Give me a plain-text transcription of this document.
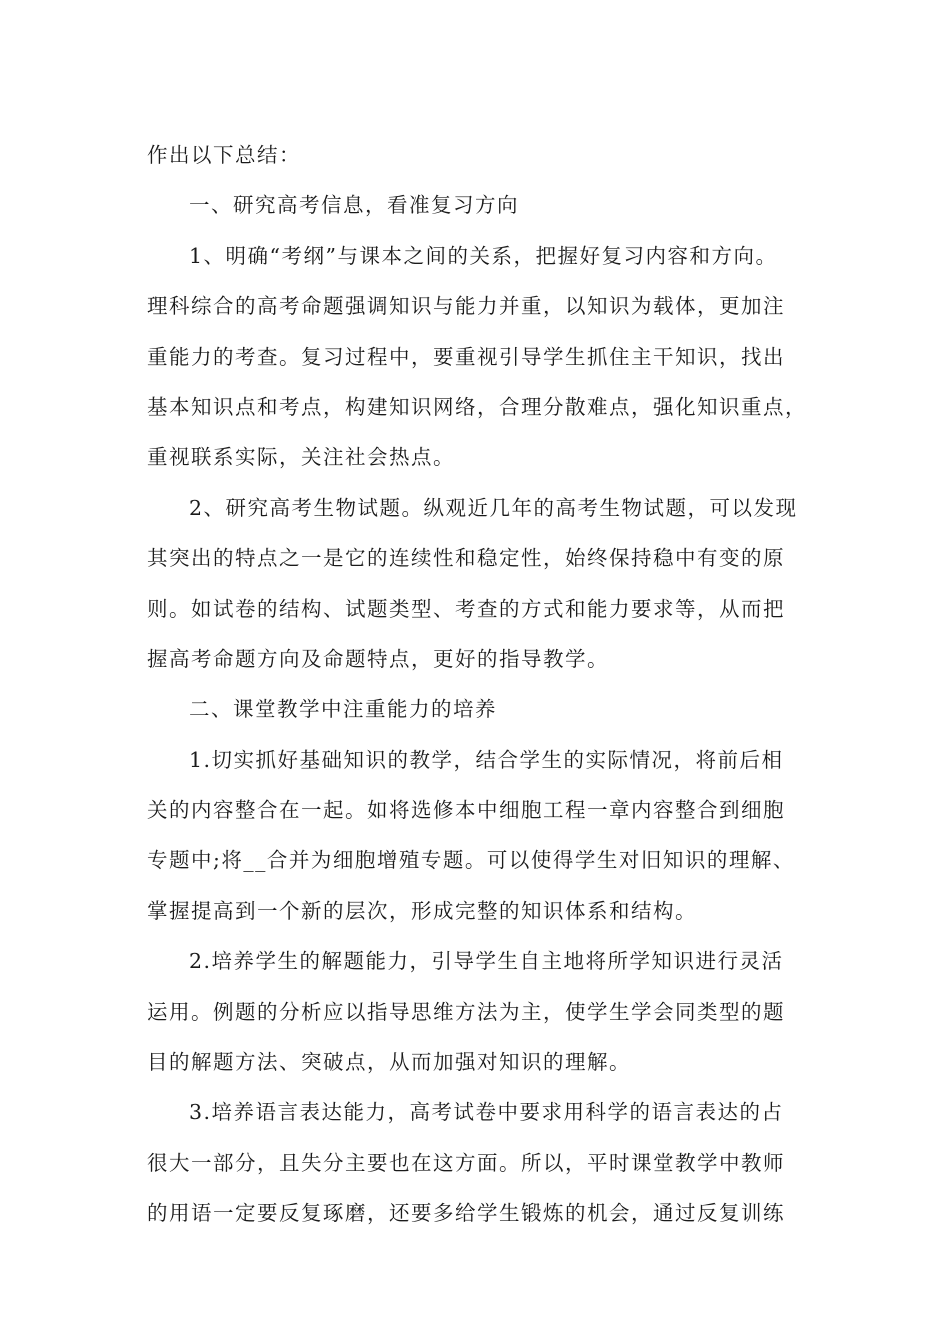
作出以下总结：
一、研究高考信息，看准复习方向
1、明确“考纲”与课本之间的关系，把握好复习内容和方向。
理科综合的高考命题强调知识与能力并重，以知识为载体，更加注
重能力的考查。复习过程中，要重视引导学生抓住主干知识，找出
基本知识点和考点，构建知识网络，合理分散难点，强化知识重点，
重视联系实际，关注社会热点。
2、研究高考生物试题。纵观近几年的高考生物试题，可以发现
其突出的特点之一是它的连续性和稳定性，始终保持稳中有变的原
则。如试卷的结构、试题类型、考查的方式和能力要求等，从而把
握高考命题方向及命题特点，更好的指导教学。
二、课堂教学中注重能力的培养
1.切实抓好基础知识的教学，结合学生的实际情况，将前后相
关的内容整合在一起。如将选修本中细胞工程一章内容整合到细胞
专题中;将__合并为细胞增殖专题。可以使得学生对旧知识的理解、
掌握提高到一个新的层次，形成完整的知识体系和结构。
2.培养学生的解题能力，引导学生自主地将所学知识进行灵活
运用。例题的分析应以指导思维方法为主，使学生学会同类型的题
目的解题方法、突破点，从而加强对知识的理解。
3.培养语言表达能力，高考试卷中要求用科学的语言表达的占
很大一部分，且失分主要也在这方面。所以，平时课堂教学中教师
的用语一定要反复琢磨，还要多给学生锻炼的机会，通过反复训练
